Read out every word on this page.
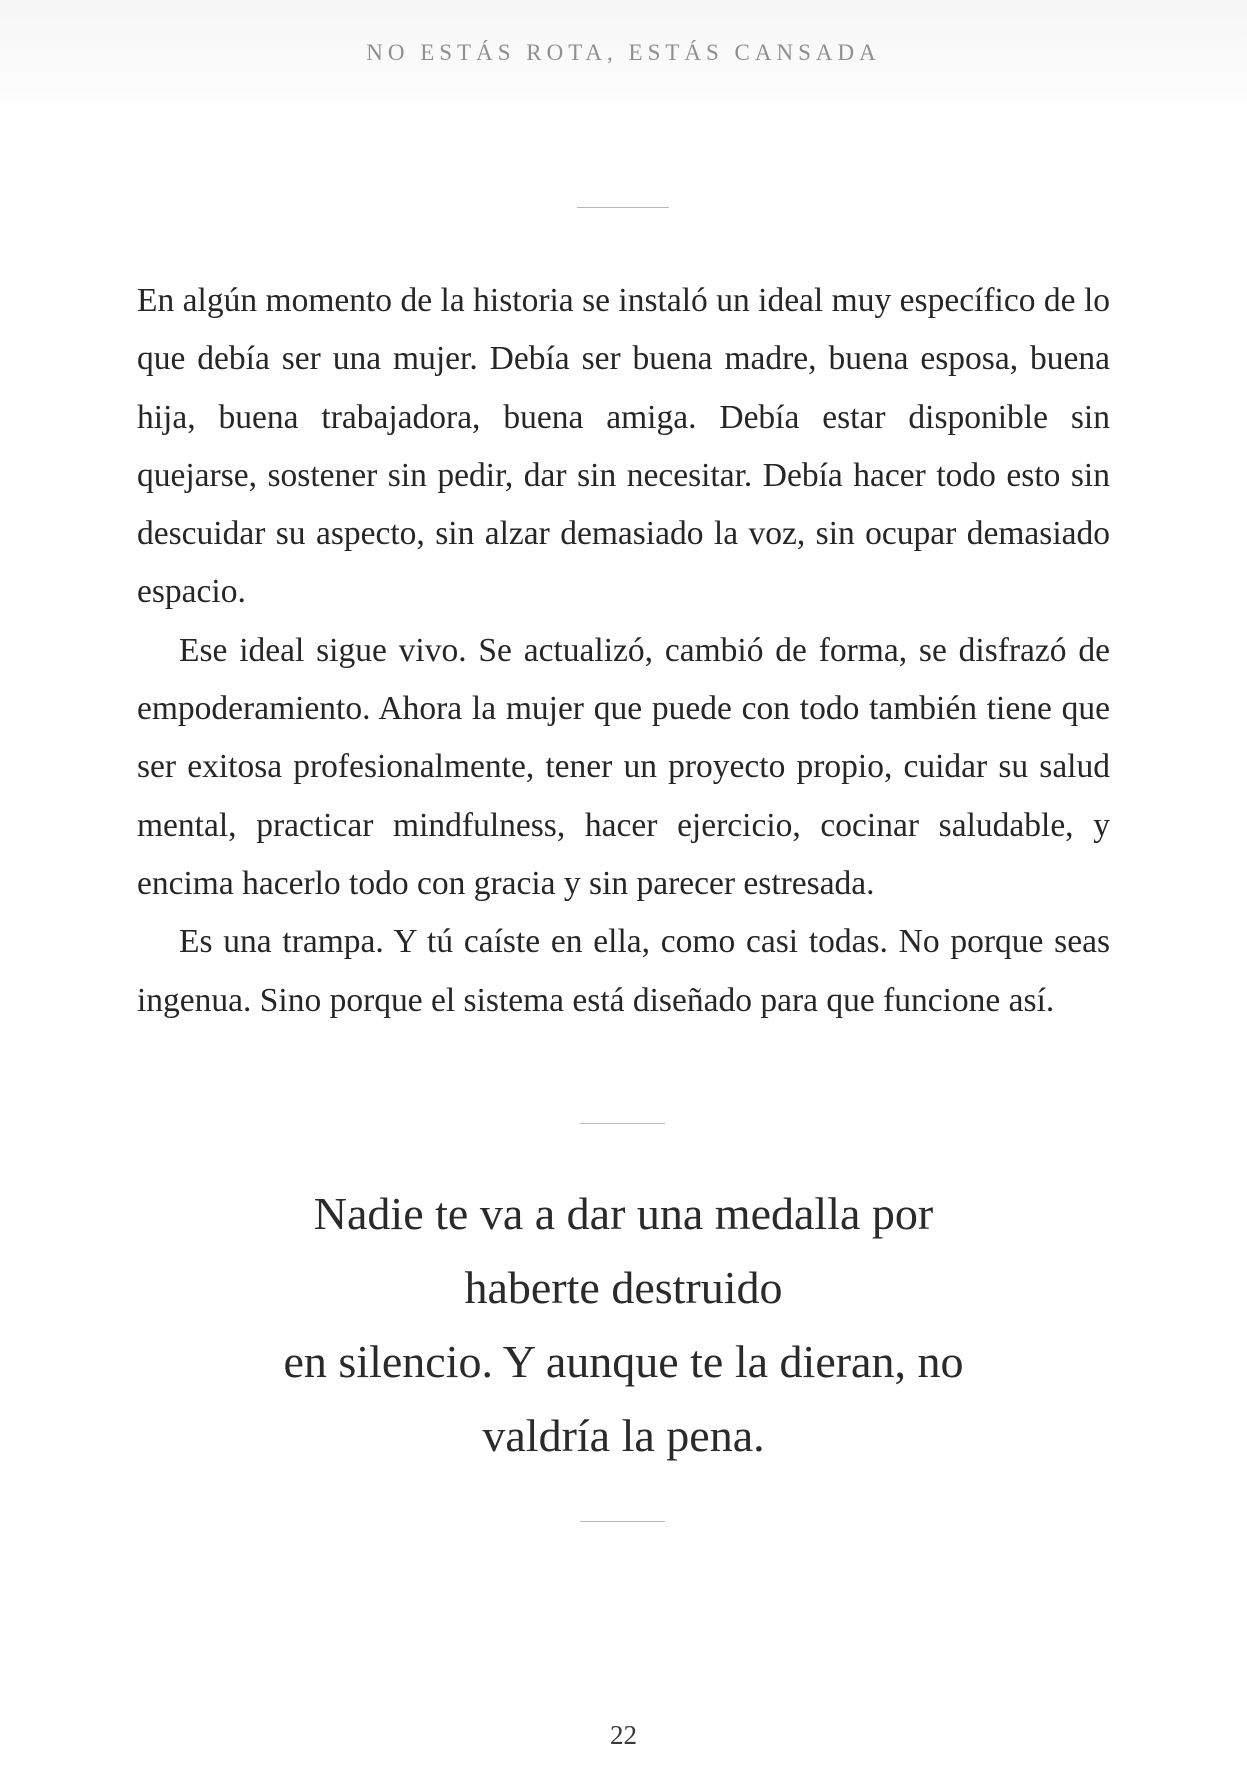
NO ESTÁS ROTA, ESTÁS CANSADA

En algún momento de la historia se instaló un ideal muy específico de lo que debía ser una mujer. Debía ser buena madre, buena esposa, buena hija, buena trabajadora, buena amiga. Debía estar disponible sin quejarse, sostener sin pedir, dar sin necesitar. Debía hacer todo esto sin descuidar su aspecto, sin alzar demasiado la voz, sin ocupar demasiado espacio.

Ese ideal sigue vivo. Se actualizó, cambió de forma, se disfrazó de empoderamiento. Ahora la mujer que puede con todo también tiene que ser exitosa profesionalmente, tener un proyecto propio, cuidar su salud mental, practicar mindfulness, hacer ejercicio, cocinar saludable, y encima hacerlo todo con gracia y sin parecer estresada.

Es una trampa. Y tú caíste en ella, como casi todas. No porque seas ingenua. Sino porque el sistema está diseñado para que funcione así.

Nadie te va a dar una medalla por
haberte destruido
en silencio. Y aunque te la dieran, no
valdría la pena.
22
